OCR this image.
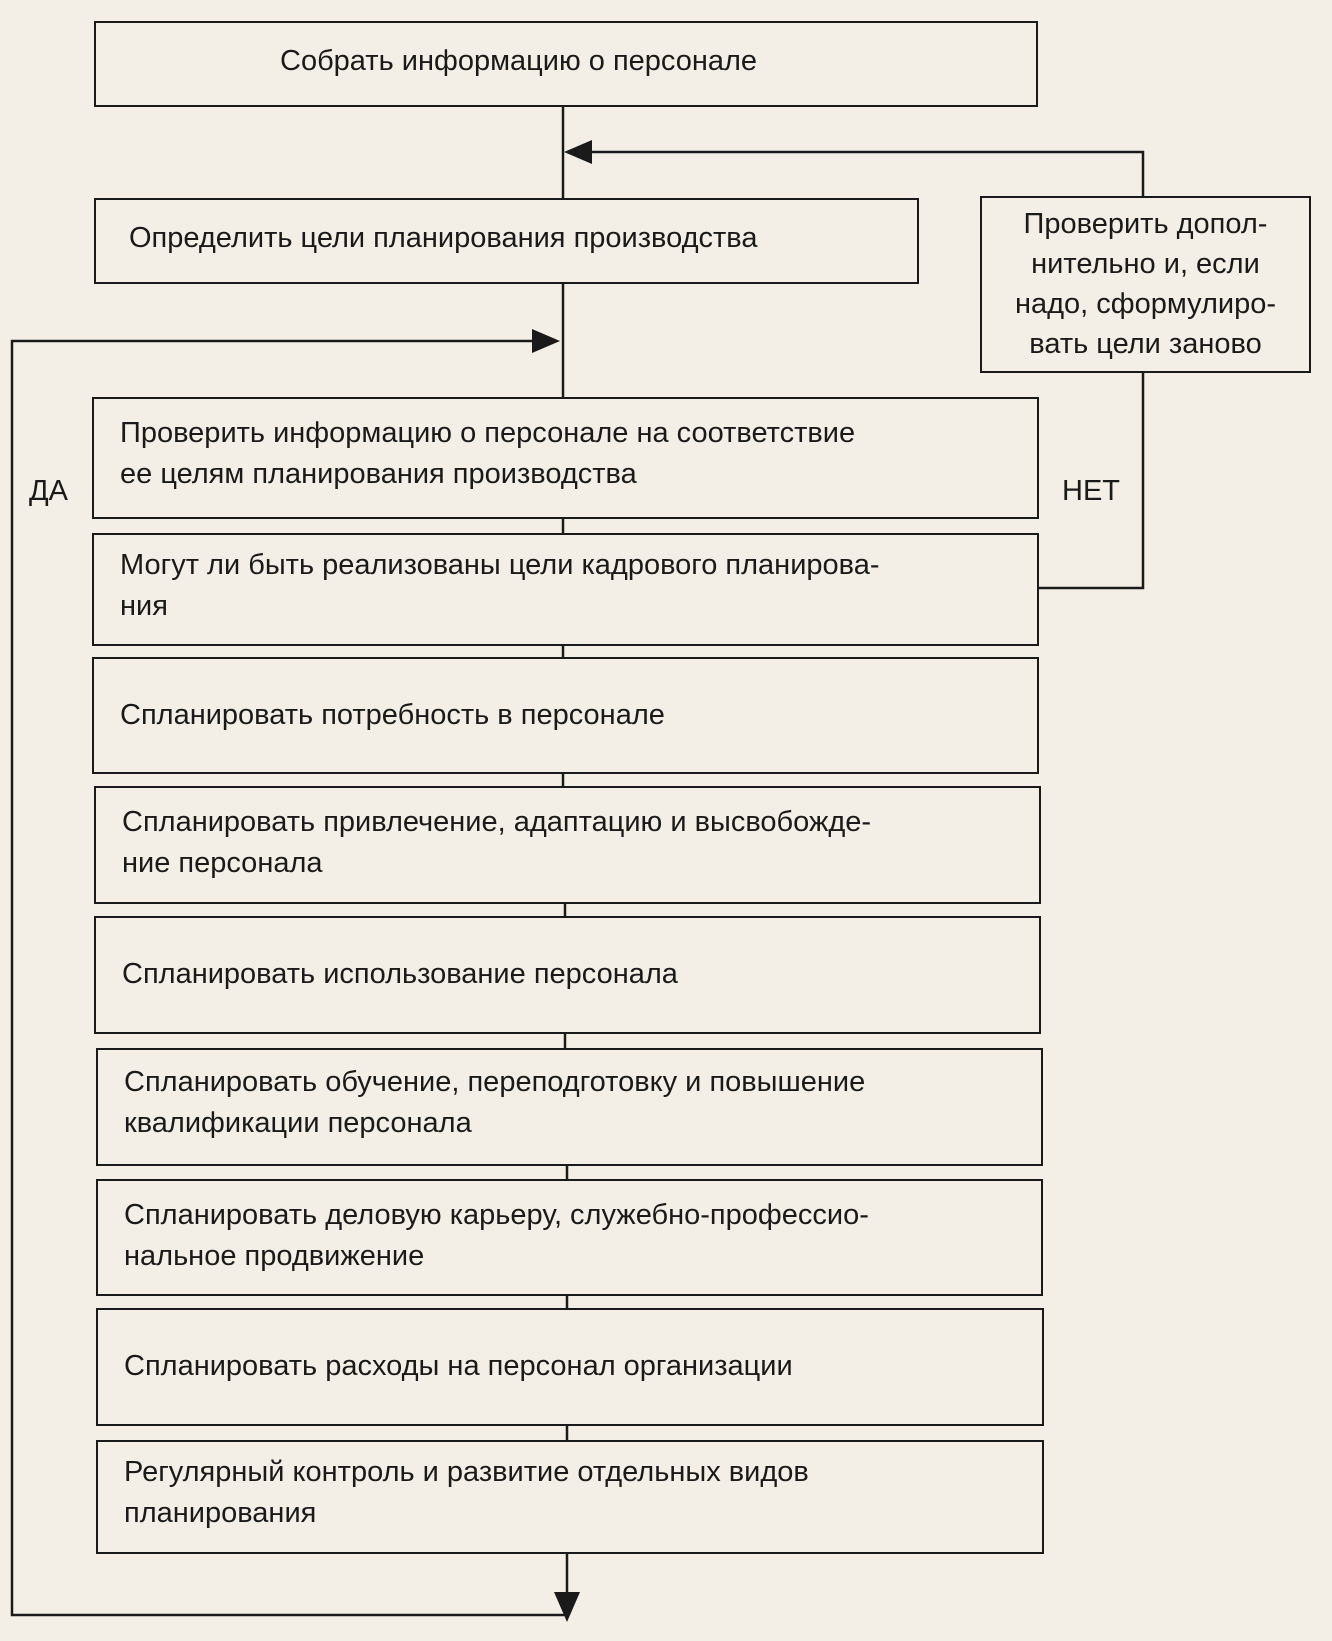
Собрать информацию о персонале
Определить цели планирования производства	Проверить допол-
нительно и, если
надо, сформулиро-
вать цели заново
Проверить информацию о персонале на соответствие
ее целям планирования производства
Могут ли быть реализованы цели кадрового планирова-
ния
Спланировать потребность в персонале
Спланировать привлечение, адаптацию и высвобожде-
ние персонала
Спланировать использование персонала
Спланировать обучение, переподготовку и повышение
квалификации персонала
Спланировать деловую карьеру, служебно-профессио-
нальное продвижение
Спланировать расходы на персонал организации
Регулярный контроль и развитие отдельных видов
планирования
ДА	НЕТ
